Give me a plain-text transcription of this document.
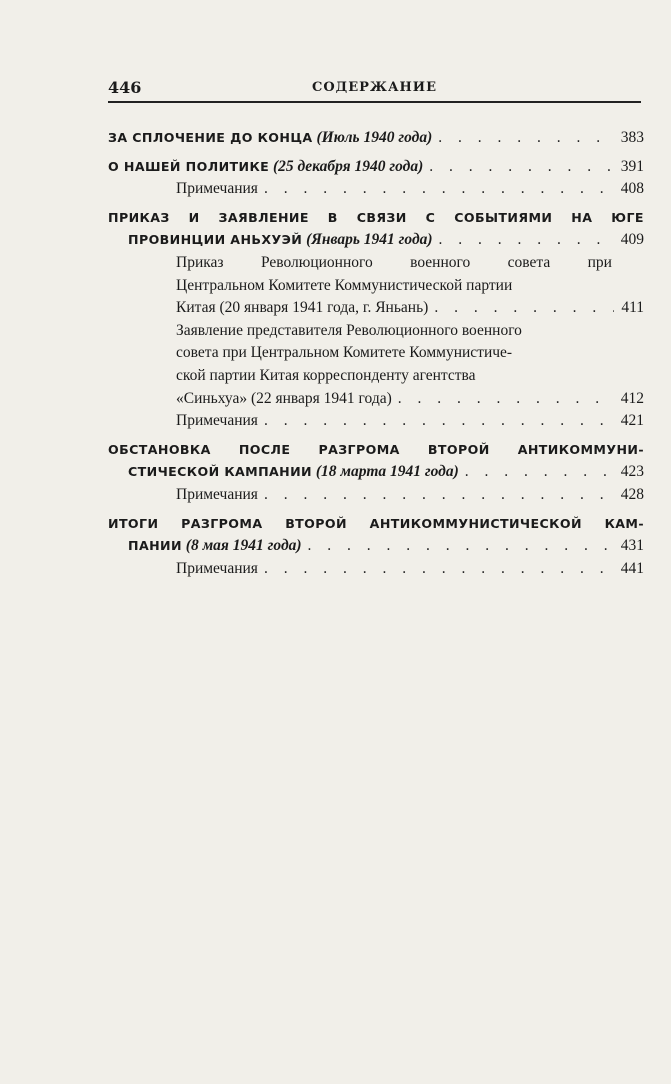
446	СОДЕРЖАНИЕ
ЗА СПЛОЧЕНИЕ ДО КОНЦА
(Июль 1940 года) . . .	383
О НАШЕЙ ПОЛИТИКЕ
(25 декабря 1940 года) . . .	391
Примечания . . .	408
ПРИКАЗ И ЗАЯВЛЕНИЕ В СВЯЗИ С СОБЫТИЯМИ НА ЮГЕ
ПРОВИНЦИИ АНЬХУЭЙ
(Январь 1941 года) . . .	409
Приказ Революционного военного совета при
Центральном Комитете Коммунистической партии
Китая (20 января 1941 года, г. Яньань) . . .	411
Заявление представителя Революционного военного
совета при Центральном Комитете Коммунистиче-
ской партии Китая корреспонденту агентства
«Синьхуа» (22 января 1941 года) . . .	412
Примечания . . .	421
ОБСТАНОВКА ПОСЛЕ РАЗГРОМА ВТОРОЙ АНТИКОММУНИ-
СТИЧЕСКОЙ КАМПАНИИ
(18 марта 1941 года) . . .	423
Примечания . . .	428
ИТОГИ РАЗГРОМА ВТОРОЙ АНТИКОММУНИСТИЧЕСКОЙ КАМ-
ПАНИИ
(8 мая 1941 года) . . .	431
Примечания . . .	441
